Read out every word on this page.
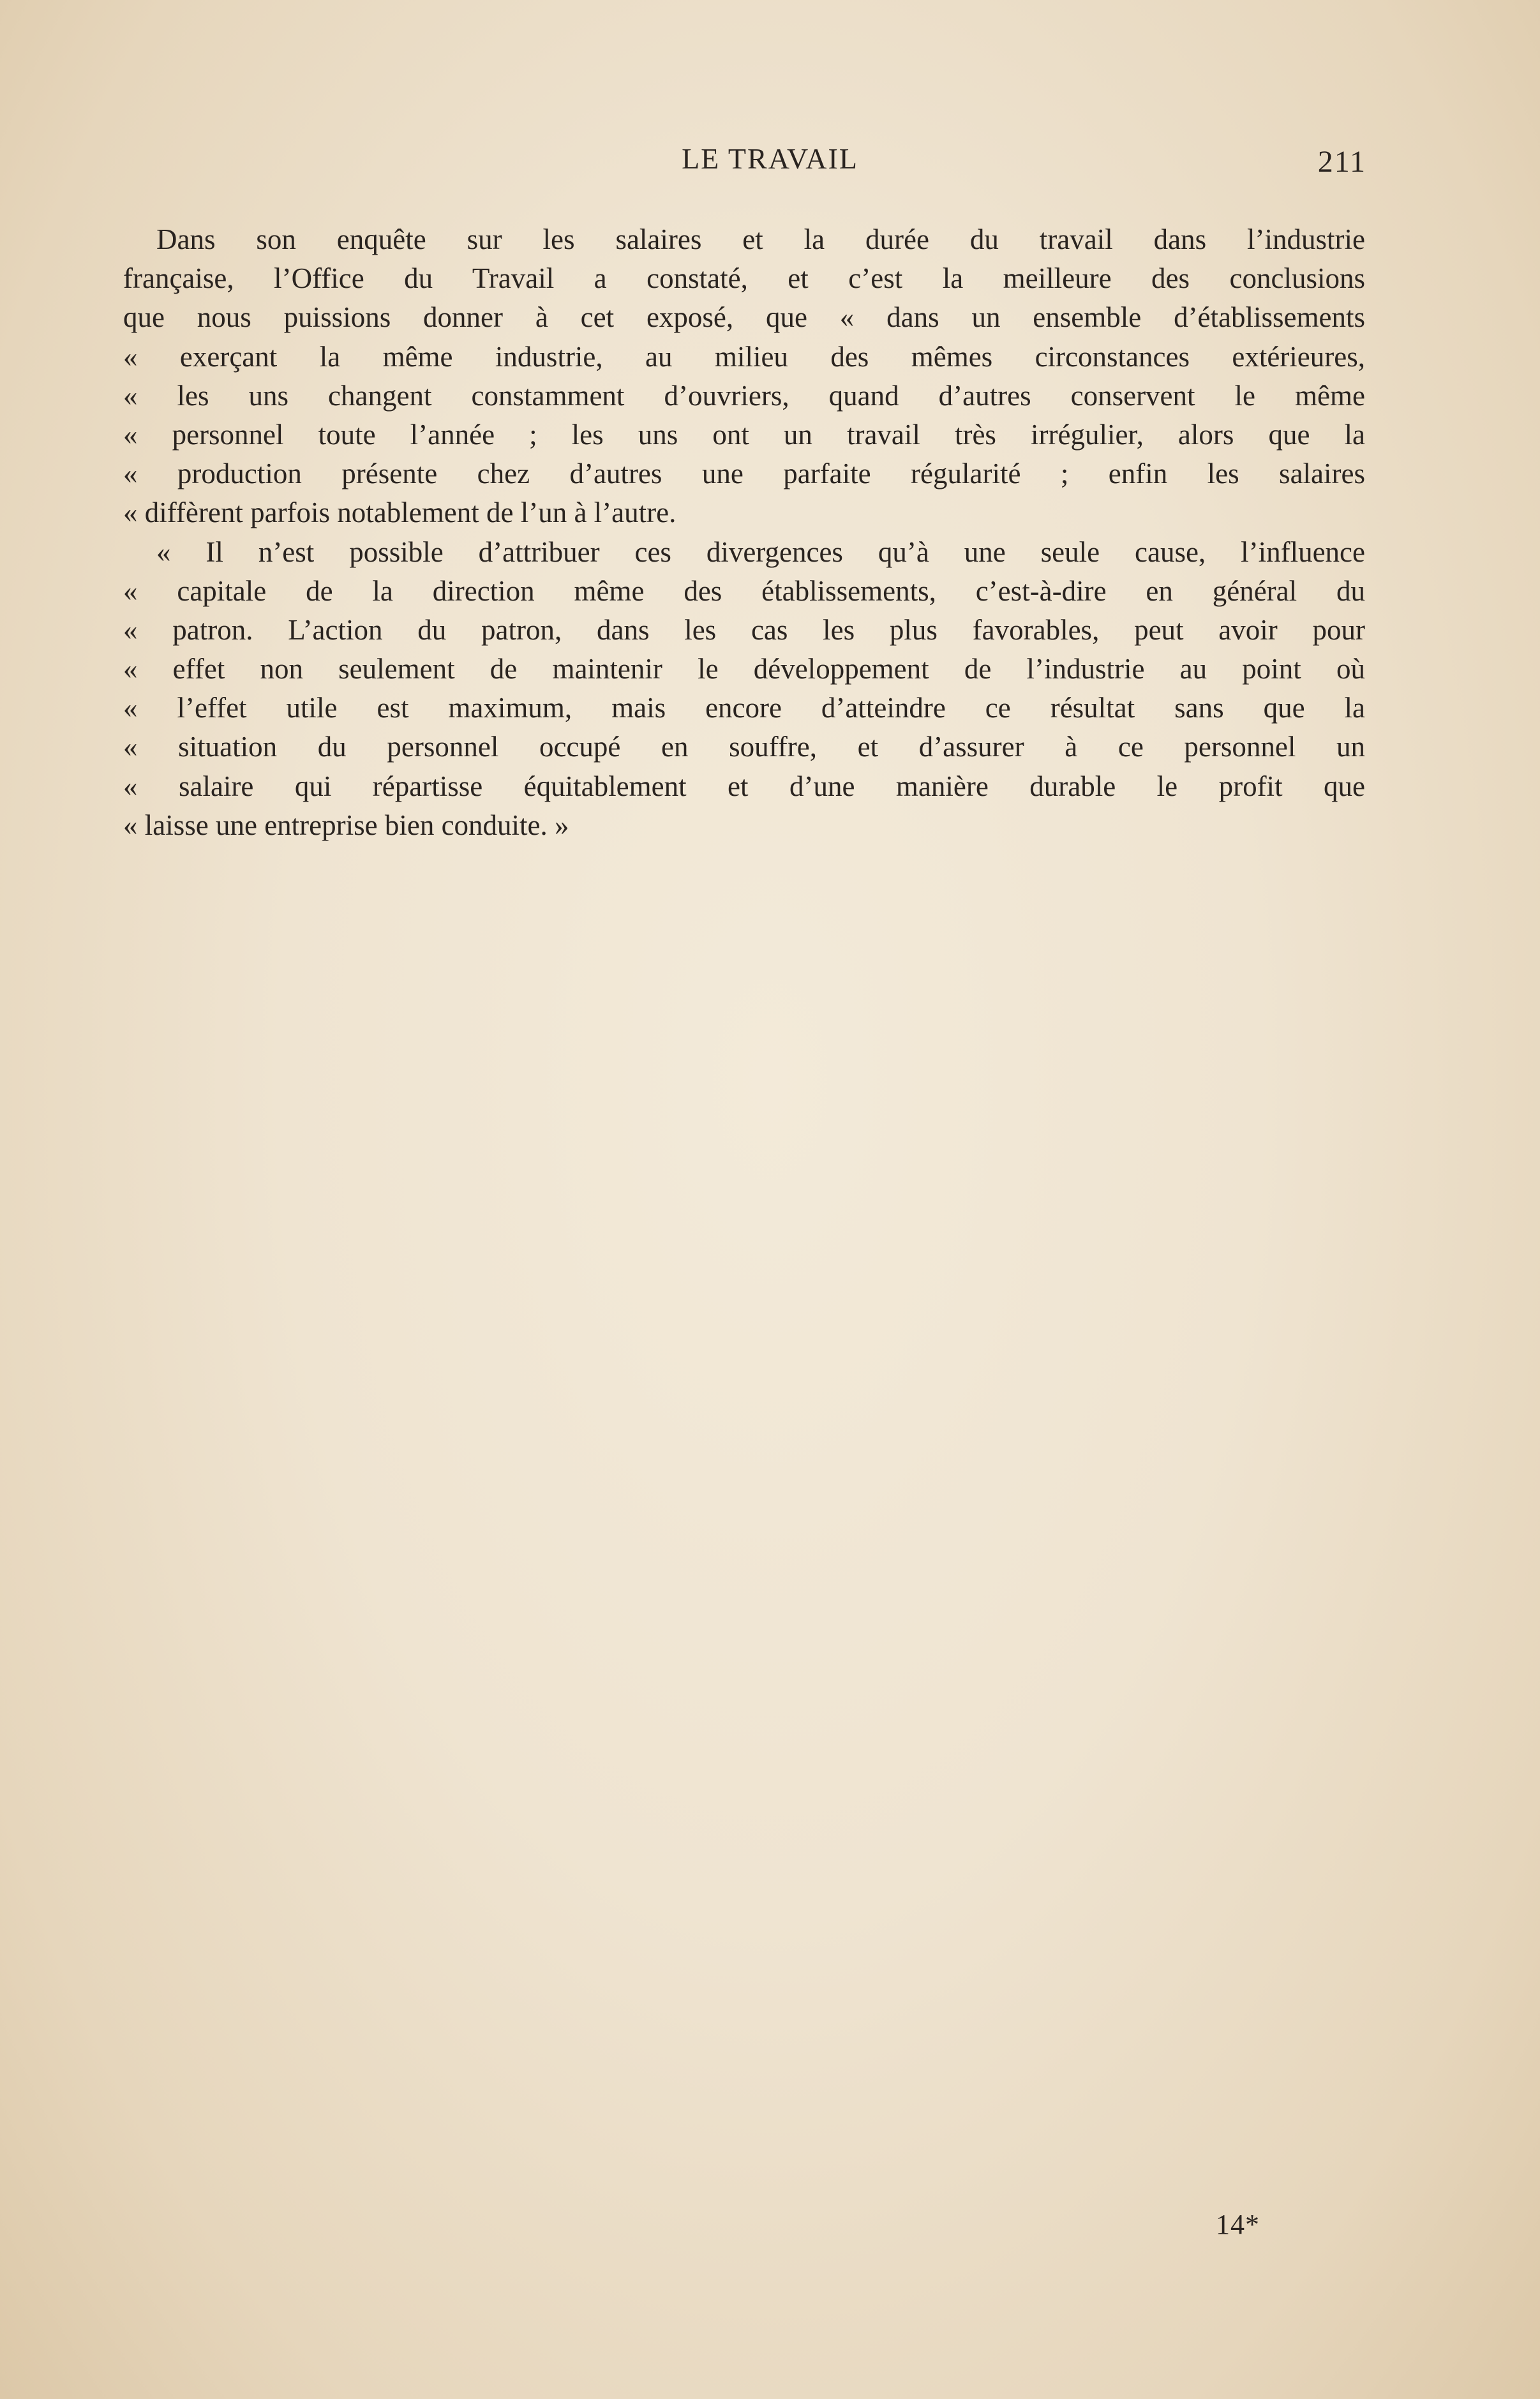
LE TRAVAIL	211
Dans son enquête sur les salaires et la durée du travail dans l’industrie
française, l’Office du Travail a constaté, et c’est la meilleure des conclusions
que nous puissions donner à cet exposé, que « dans un ensemble d’établissements
« exerçant la même industrie, au milieu des mêmes circonstances extérieures,
« les uns changent constamment d’ouvriers, quand d’autres conservent le même
« personnel toute l’année ; les uns ont un travail très irrégulier, alors que la
« production présente chez d’autres une parfaite régularité ; enfin les salaires
« diffèrent parfois notablement de l’un à l’autre.
« Il n’est possible d’attribuer ces divergences qu’à une seule cause, l’influence
« capitale de la direction même des établissements, c’est-à-dire en général du
« patron. L’action du patron, dans les cas les plus favorables, peut avoir pour
« effet non seulement de maintenir le développement de l’industrie au point où
« l’effet utile est maximum, mais encore d’atteindre ce résultat sans que la
« situation du personnel occupé en souffre, et d’assurer à ce personnel un
« salaire qui répartisse équitablement et d’une manière durable le profit que
« laisse une entreprise bien conduite. »
14*
